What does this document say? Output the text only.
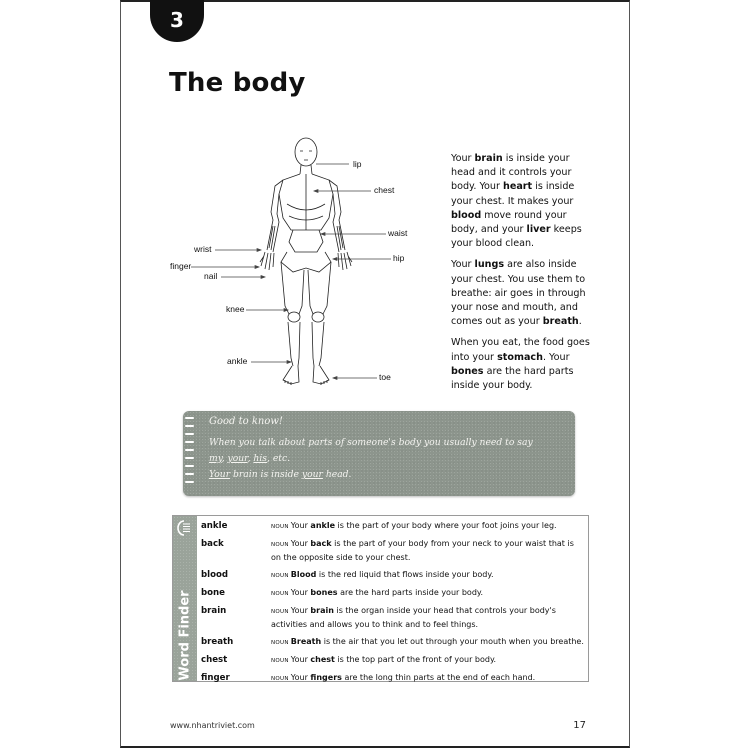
3
The body
lip
chest
waist
hip
toe
wrist
finger
nail
knee
ankle

Your brain is inside your head and it controls your body. Your heart is inside your chest. It makes your blood move round your body, and your liver keeps your blood clean.

Your lungs are also inside your chest. You use them to breathe: air goes in through your nose and mouth, and comes out as your breath.

When you eat, the food goes into your stomach. Your bones are the hard parts inside your body.

Good to know!
When you talk about parts of someone's body you usually need to say
my, your, his, etc.
Your brain is inside your head.
Word Finder
ankle	NOUN Your ankle is the part of your body where your foot joins your leg.
back	NOUN Your back is the part of your body from your neck to your waist that is on the opposite side to your chest.
blood	NOUN Blood is the red liquid that flows inside your body.
bone	NOUN Your bones are the hard parts inside your body.
brain	NOUN Your brain is the organ inside your head that controls your body's activities and allows you to think and to feel things.
breath	NOUN Breath is the air that you let out through your mouth when you breathe.
chest	NOUN Your chest is the top part of the front of your body.
finger	NOUN Your fingers are the long thin parts at the end of each hand.
www.nhantriviet.com	17
